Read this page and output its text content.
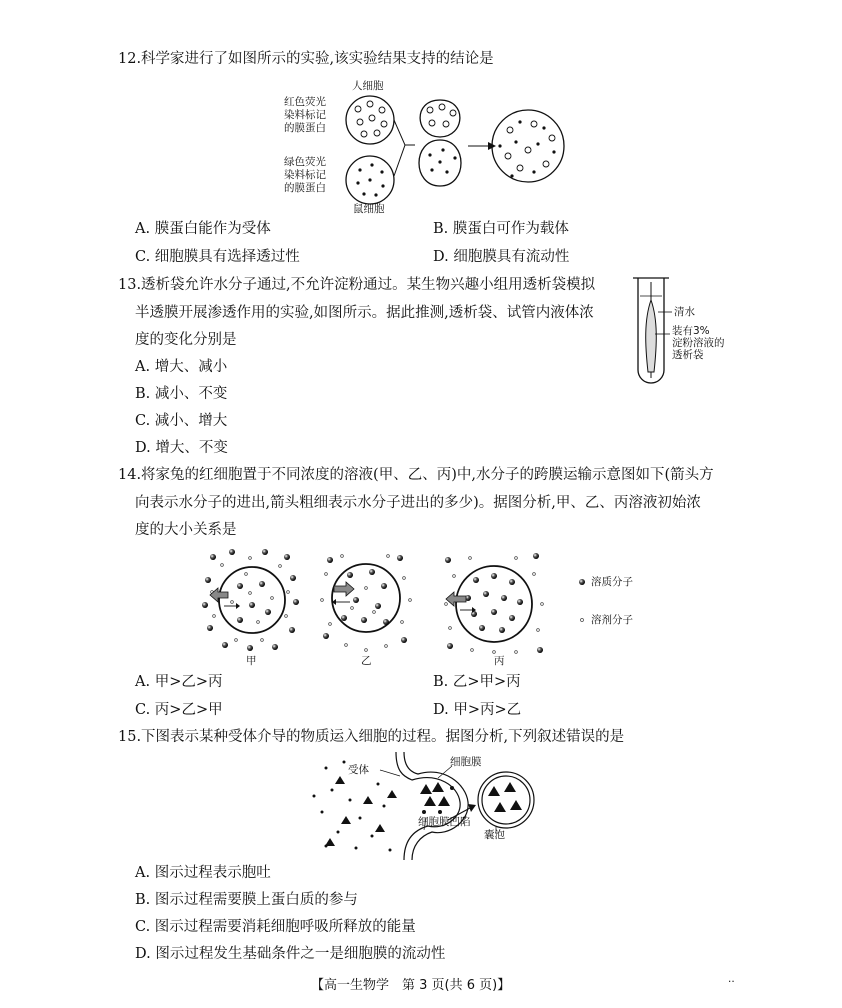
12.科学家进行了如图所示的实验,该实验结果支持的结论是
人细胞
红色荧光
染料标记
的膜蛋白
绿色荧光
染料标记
的膜蛋白
鼠细胞
A. 膜蛋白能作为受体	B. 膜蛋白可作为载体
C. 细胞膜具有选择透过性	D. 细胞膜具有流动性
13.透析袋允许水分子通过,不允许淀粉通过。某生物兴趣小组用透析袋模拟
半透膜开展渗透作用的实验,如图所示。据此推测,透析袋、试管内液体浓
度的变化分别是
A. 增大、减小
B. 减小、不变
C. 减小、增大
D. 增大、不变
清水
装有3%
淀粉溶液的
透析袋
14.将家兔的红细胞置于不同浓度的溶液(甲、乙、丙)中,水分子的跨膜运输示意图如下(箭头方
向表示水分子的进出,箭头粗细表示水分子进出的多少)。据图分析,甲、乙、丙溶液初始浓
度的大小关系是
甲	乙	丙
溶质分子
溶剂分子
A. 甲>乙>丙	B. 乙>甲>丙
C. 丙>乙>甲	D. 甲>丙>乙
15.下图表示某种受体介导的物质运入细胞的过程。据图分析,下列叙述错误的是
受体
细胞膜
细胞膜凹陷
囊泡
A. 图示过程表示胞吐
B. 图示过程需要膜上蛋白质的参与
C. 图示过程需要消耗细胞呼吸所释放的能量
D. 图示过程发生基础条件之一是细胞膜的流动性
【高一生物学　第 3 页(共 6 页)】	··
